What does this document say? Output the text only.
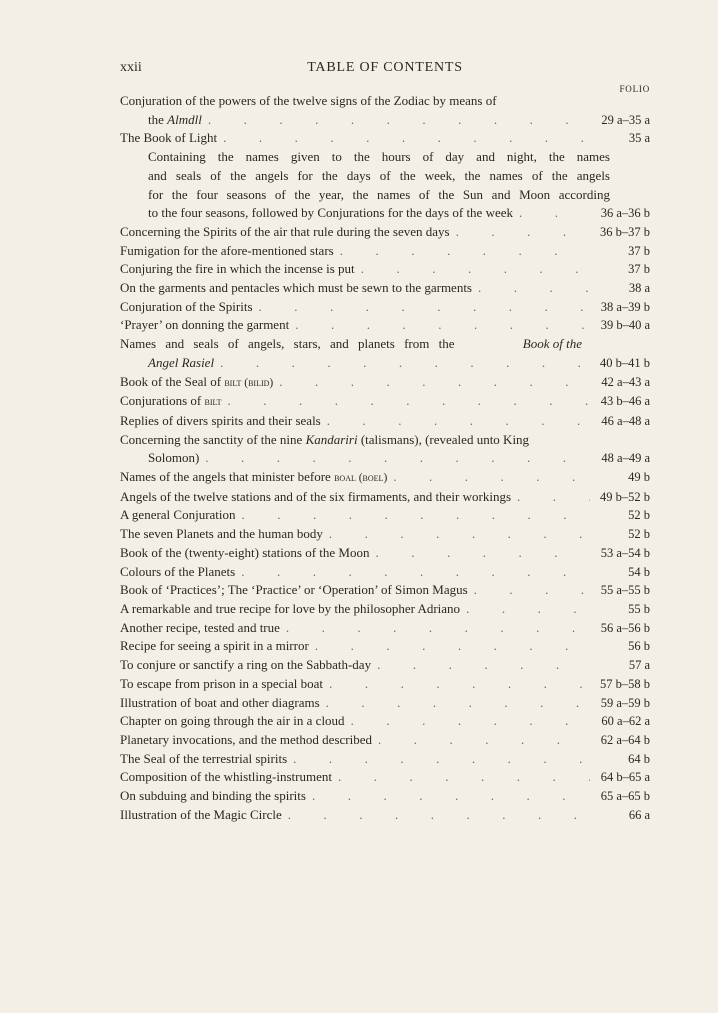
xxii	TABLE OF CONTENTS
FOLIO
Conjuration of the powers of the twelve signs of the Zodiac by means of
the Almdll .	29 a–35 a
The Book of Light .	35 a
Containing the names given to the hours of day and night, the names
and seals of the angels for the days of the week, the names of the angels
for the four seasons of the year, the names of the Sun and Moon according
to the four seasons, followed by Conjurations for the days of the week .	36 a–36 b
Concerning the Spirits of the air that rule during the seven days .	36 b–37 b
Fumigation for the afore-mentioned stars .	37 b
Conjuring the fire in which the incense is put .	37 b
On the garments and pentacles which must be sewn to the garments .	38 a
Conjuration of the Spirits .	38 a–39 b
‘Prayer’ on donning the garment .	39 b–40 a
Names and seals of angels, stars, and planets from the	Book of the
Angel Rasiel .	40 b–41 b
Book of the Seal of bilt (bilid) .	42 a–43 a
Conjurations of bilt .	43 b–46 a
Replies of divers spirits and their seals .	46 a–48 a
Concerning the sanctity of the nine Kandariri (talismans), (revealed unto King
Solomon) .	48 a–49 a
Names of the angels that minister before boal (boel) .	49 b
Angels of the twelve stations and of the six firmaments, and their workings .	49 b–52 b
A general Conjuration .	52 b
The seven Planets and the human body .	52 b
Book of the (twenty-eight) stations of the Moon .	53 a–54 b
Colours of the Planets .	54 b
Book of ‘Practices’; The ‘Practice’ or ‘Operation’ of Simon Magus .	55 a–55 b
A remarkable and true recipe for love by the philosopher Adriano .	55 b
Another recipe, tested and true .	56 a–56 b
Recipe for seeing a spirit in a mirror .	56 b
To conjure or sanctify a ring on the Sabbath-day .	57 a
To escape from prison in a special boat .	57 b–58 b
Illustration of boat and other diagrams .	59 a–59 b
Chapter on going through the air in a cloud .	60 a–62 a
Planetary invocations, and the method described .	62 a–64 b
The Seal of the terrestrial spirits .	64 b
Composition of the whistling-instrument .	64 b–65 a
On subduing and binding the spirits .	65 a–65 b
Illustration of the Magic Circle .	66 a
